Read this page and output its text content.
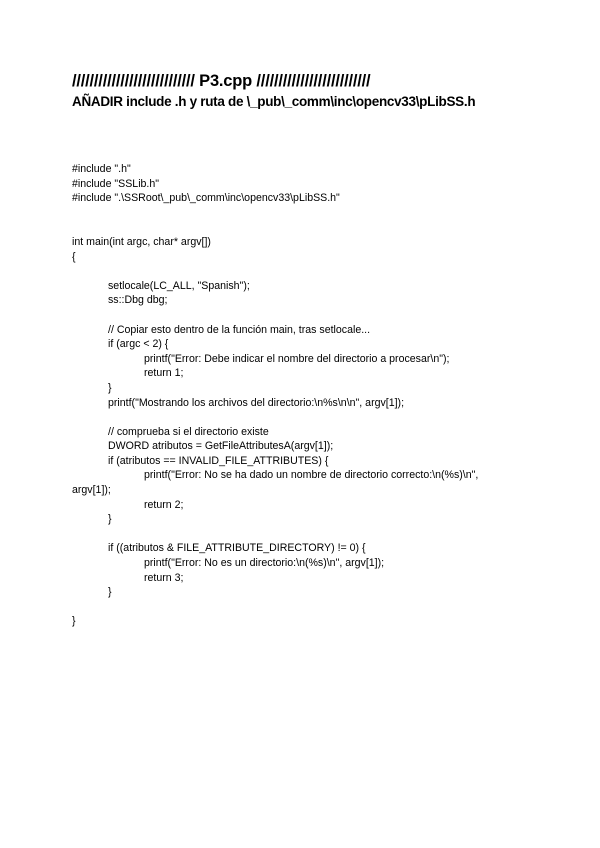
//////////////////////////// P3.cpp //////////////////////////
AÑADIR include .h y ruta de \_pub\_comm\inc\opencv33\pLibSS.h
#include ".h"
#include "SSLib.h"
#include ".\SSRoot\_pub\_comm\inc\opencv33\pLibSS.h"
int main(int argc, char* argv[])
{
setlocale(LC_ALL, "Spanish");
ss::Dbg dbg;
// Copiar esto dentro de la función main, tras setlocale...
if (argc < 2) {
printf("Error: Debe indicar el nombre del directorio a procesar\n");
return 1;
}
printf("Mostrando los archivos del directorio:\n%s\n\n", argv[1]);
// comprueba si el directorio existe
DWORD atributos = GetFileAttributesA(argv[1]);
if (atributos == INVALID_FILE_ATTRIBUTES) {
printf("Error: No se ha dado un nombre de directorio correcto:\n(%s)\n",
argv[1]);
return 2;
}
if ((atributos & FILE_ATTRIBUTE_DIRECTORY) != 0) {
printf("Error: No es un directorio:\n(%s)\n", argv[1]);
return 3;
}
}
